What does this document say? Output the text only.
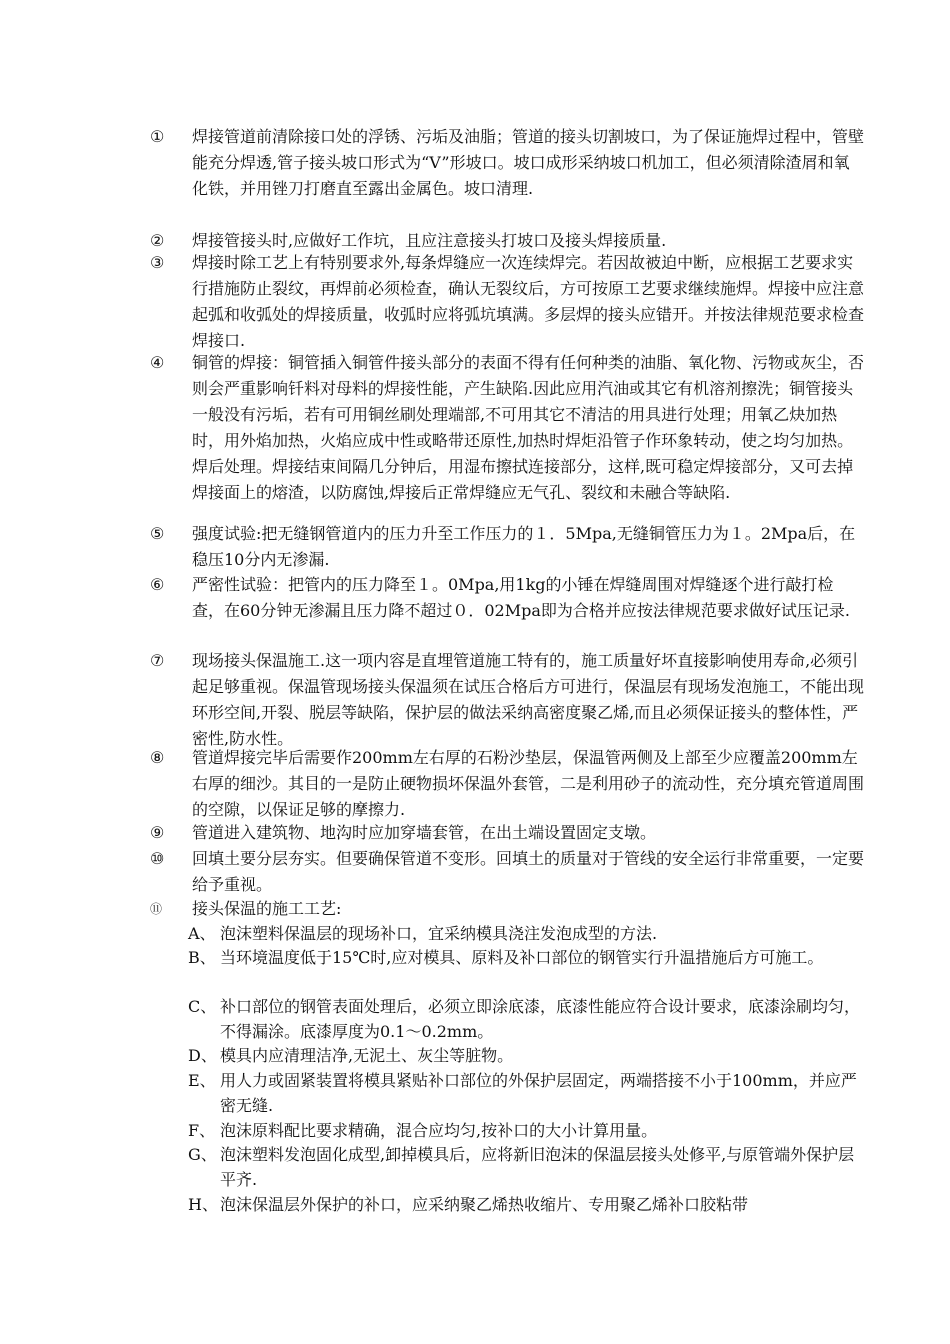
①	焊接管道前清除接口处的浮锈、污垢及油脂；管道的接头切割坡口，为了保证施焊过程中，管壁能充分焊透,管子接头坡口形式为“V”形坡口。坡口成形采纳坡口机加工，但必须清除渣屑和氧化铁，并用锉刀打磨直至露出金属色。坡口清理.
②	焊接管接头时,应做好工作坑，且应注意接头打坡口及接头焊接质量.
③	焊接时除工艺上有特别要求外,每条焊缝应一次连续焊完。若因故被迫中断，应根据工艺要求实行措施防止裂纹，再焊前必须检查，确认无裂纹后，方可按原工艺要求继续施焊。焊接中应注意起弧和收弧处的焊接质量，收弧时应将弧坑填满。多层焊的接头应错开。并按法律规范要求检查焊接口.
④	铜管的焊接：铜管插入铜管件接头部分的表面不得有任何种类的油脂、氧化物、污物或灰尘，否则会严重影响钎料对母料的焊接性能，产生缺陷.因此应用汽油或其它有机溶剂擦洗；铜管接头一般没有污垢，若有可用铜丝刷处理端部,不可用其它不清洁的用具进行处理；用氧乙炔加热时，用外焰加热，火焰应成中性或略带还原性,加热时焊炬沿管子作环象转动，使之均匀加热。焊后处理。焊接结束间隔几分钟后，用湿布擦拭连接部分，这样,既可稳定焊接部分，又可去掉焊接面上的熔渣，以防腐蚀,焊接后正常焊缝应无气孔、裂纹和未融合等缺陷.
⑤	强度试验:把无缝钢管道内的压力升至工作压力的１．5Mpa,无缝铜管压力为１。2Mpa后，在稳压10分内无渗漏.
⑥	严密性试验：把管内的压力降至１。0Mpa,用1kg的小锤在焊缝周围对焊缝逐个进行敲打检查，在60分钟无渗漏且压力降不超过０．02Mpa即为合格并应按法律规范要求做好试压记录.
⑦	现场接头保温施工.这一项内容是直埋管道施工特有的，施工质量好坏直接影响使用寿命,必须引起足够重视。保温管现场接头保温须在试压合格后方可进行，保温层有现场发泡施工，不能出现环形空间,开裂、脱层等缺陷，保护层的做法采纳高密度聚乙烯,而且必须保证接头的整体性，严密性,防水性。
⑧	管道焊接完毕后需要作200mm左右厚的石粉沙垫层，保温管两侧及上部至少应覆盖200mm左右厚的细沙。其目的一是防止硬物损坏保温外套管，二是利用砂子的流动性，充分填充管道周围的空隙，以保证足够的摩擦力.
⑨	管道进入建筑物、地沟时应加穿墙套管，在出土端设置固定支墩。
⑩	回填土要分层夯实。但要确保管道不变形。回填土的质量对于管线的安全运行非常重要，一定要给予重视。
⑪	接头保温的施工工艺:
A、 泡沫塑料保温层的现场补口，宜采纳模具浇注发泡成型的方法.
B、 当环境温度低于15℃时,应对模具、原料及补口部位的钢管实行升温措施后方可施工。
C、 补口部位的钢管表面处理后，必须立即涂底漆，底漆性能应符合设计要求，底漆涂刷均匀，不得漏涂。底漆厚度为0.1～0.2mm。
D、 模具内应清理洁净,无泥土、灰尘等脏物。
E、 用人力或固紧装置将模具紧贴补口部位的外保护层固定，两端搭接不小于100mm，并应严密无缝.
F、 泡沫原料配比要求精确，混合应均匀,按补口的大小计算用量。
G、 泡沫塑料发泡固化成型,卸掉模具后，应将新旧泡沫的保温层接头处修平,与原管端外保护层平齐.
H、 泡沫保温层外保护的补口，应采纳聚乙烯热收缩片、专用聚乙烯补口胶粘带
